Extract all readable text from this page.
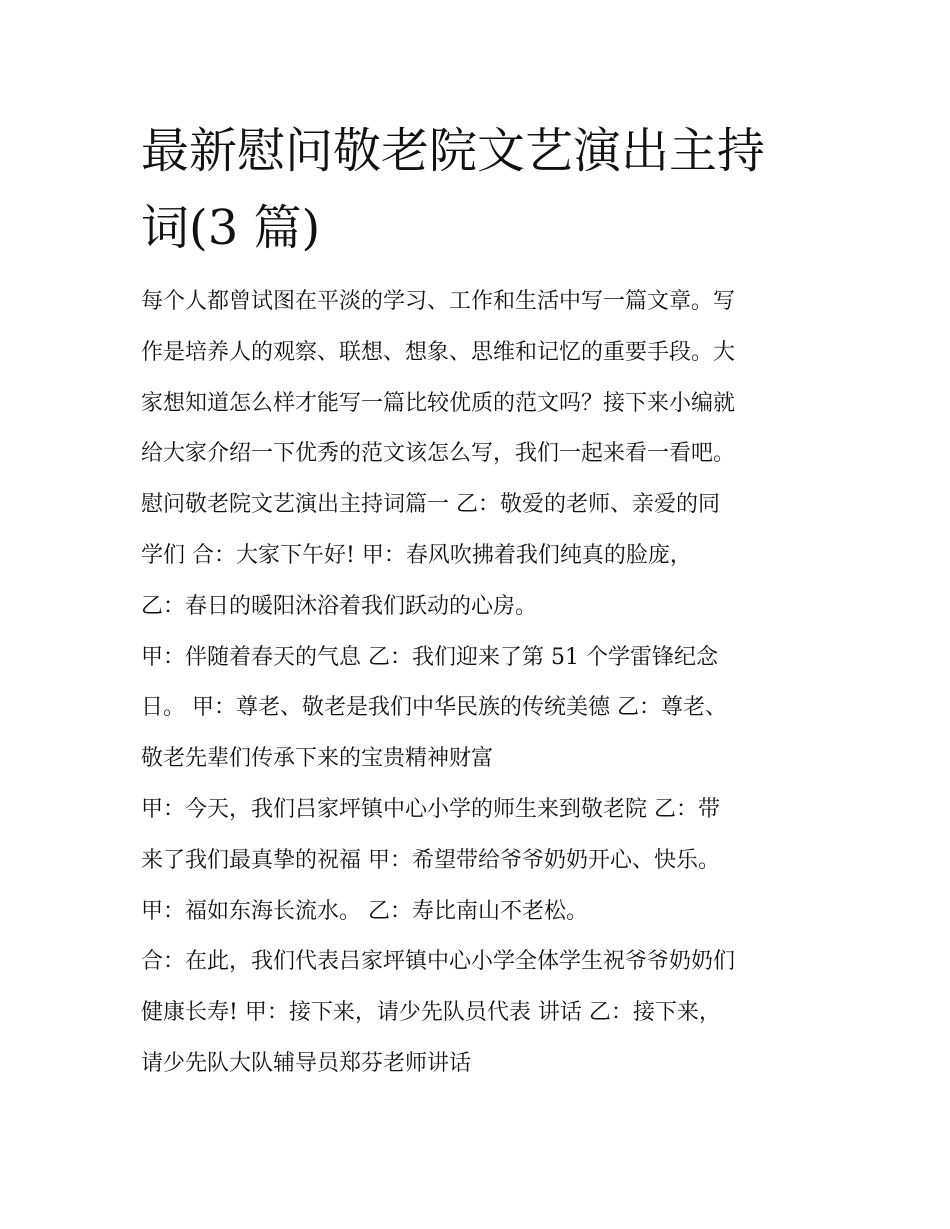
最新慰问敬老院文艺演出主持
词(3 篇)
每个人都曾试图在平淡的学习、工作和生活中写一篇文章。写
作是培养人的观察、联想、想象、思维和记忆的重要手段。大
家想知道怎么样才能写一篇比较优质的范文吗？接下来小编就
给大家介绍一下优秀的范文该怎么写，我们一起来看一看吧。
慰问敬老院文艺演出主持词篇一 乙：敬爱的老师、亲爱的同
学们 合：大家下午好! 甲：春风吹拂着我们纯真的脸庞，
乙：春日的暖阳沐浴着我们跃动的心房。
甲：伴随着春天的气息 乙：我们迎来了第 51 个学雷锋纪念
日。 甲：尊老、敬老是我们中华民族的传统美德 乙：尊老、
敬老先辈们传承下来的宝贵精神财富
甲：今天，我们吕家坪镇中心小学的师生来到敬老院 乙：带
来了我们最真挚的祝福 甲：希望带给爷爷奶奶开心、快乐。
甲：福如东海长流水。 乙：寿比南山不老松。
合：在此，我们代表吕家坪镇中心小学全体学生祝爷爷奶奶们
健康长寿! 甲：接下来，请少先队员代表 讲话 乙：接下来，
请少先队大队辅导员郑芬老师讲话
